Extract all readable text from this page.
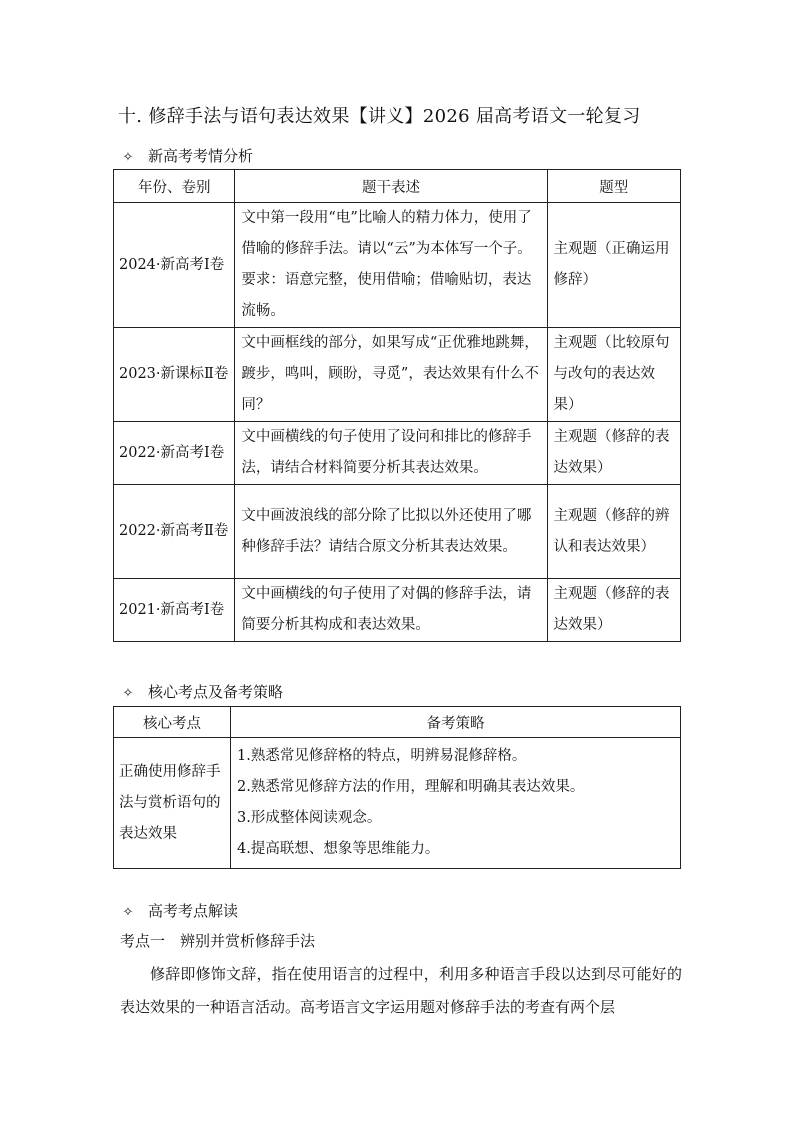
十. 修辞手法与语句表达效果【讲义】2026 届高考语文一轮复习
✧ 新高考考情分析
年份、卷别	题干表述	题型
2024·新高考Ⅰ卷	文中第一段用“电”比喻人的精力体力，使用了借喻的修辞手法。请以“云”为本体写一个子。要求：语意完整，使用借喻；借喻贴切，表达流畅。	主观题（正确运用修辞）
2023·新课标Ⅱ卷	文中画框线的部分，如果写成“正优雅地跳舞，踱步，鸣叫，顾盼，寻觅”，表达效果有什么不同？	主观题（比较原句与改句的表达效果）
2022·新高考Ⅰ卷	文中画横线的句子使用了设问和排比的修辞手法，请结合材料简要分析其表达效果。	主观题（修辞的表达效果）
2022·新高考Ⅱ卷	文中画波浪线的部分除了比拟以外还使用了哪种修辞手法？请结合原文分析其表达效果。	主观题（修辞的辨认和表达效果）
2021·新高考Ⅰ卷	文中画横线的句子使用了对偶的修辞手法，请简要分析其构成和表达效果。	主观题（修辞的表达效果）
✧ 核心考点及备考策略
核心考点	备考策略
正确使用修辞手法与赏析语句的表达效果	1.熟悉常见修辞格的特点，明辨易混修辞格。
2.熟悉常见修辞方法的作用，理解和明确其表达效果。
3.形成整体阅读观念。
4.提高联想、想象等思维能力。
✧ 高考考点解读
考点一　辨别并赏析修辞手法
修辞即修饰文辞，指在使用语言的过程中，利用多种语言手段以达到尽可能好的表达效果的一种语言活动。高考语言文字运用题对修辞手法的考查有两个层
